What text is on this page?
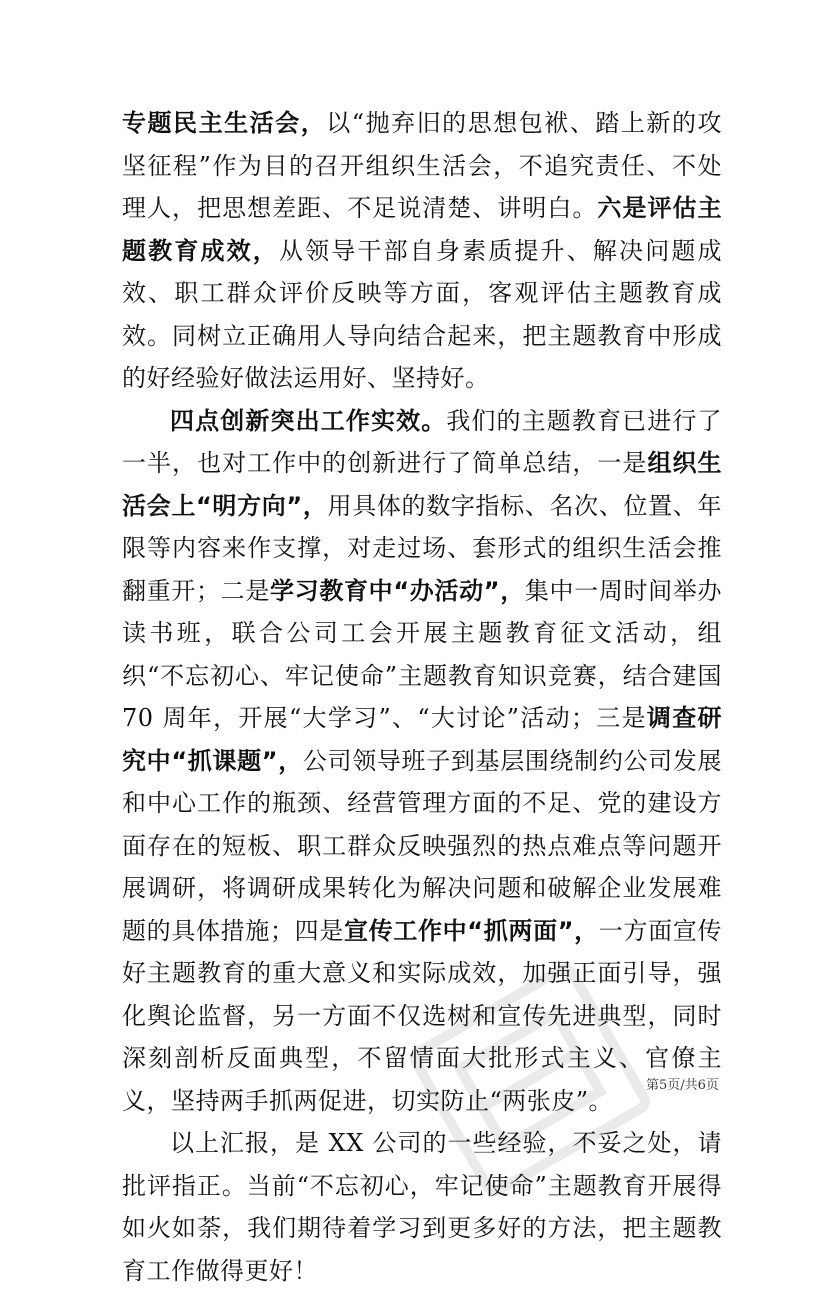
专题民主生活会，以“抛弃旧的思想包袱、踏上新的攻坚征程”作为目的召开组织生活会，不追究责任、不处理人，把思想差距、不足说清楚、讲明白。六是评估主题教育成效，从领导干部自身素质提升、解决问题成效、职工群众评价反映等方面，客观评估主题教育成效。同树立正确用人导向结合起来，把主题教育中形成的好经验好做法运用好、坚持好。

四点创新突出工作实效。我们的主题教育已进行了一半，也对工作中的创新进行了简单总结，一是组织生活会上“明方向”，用具体的数字指标、名次、位置、年限等内容来作支撑，对走过场、套形式的组织生活会推翻重开；二是学习教育中“办活动”，集中一周时间举办读书班，联合公司工会开展主题教育征文活动，组织“不忘初心、牢记使命”主题教育知识竞赛，结合建国 70 周年，开展“大学习”、“大讨论”活动；三是调查研究中“抓课题”，公司领导班子到基层围绕制约公司发展和中心工作的瓶颈、经营管理方面的不足、党的建设方面存在的短板、职工群众反映强烈的热点难点等问题开展调研，将调研成果转化为解决问题和破解企业发展难题的具体措施；四是宣传工作中“抓两面”，一方面宣传好主题教育的重大意义和实际成效，加强正面引导，强化舆论监督，另一方面不仅选树和宣传先进典型，同时深刻剖析反面典型，不留情面大批形式主义、官僚主义，坚持两手抓两促进，切实防止“两张皮”。

以上汇报，是 XX 公司的一些经验，不妥之处，请批评指正。当前“不忘初心，牢记使命”主题教育开展得如火如荼，我们期待着学习到更多好的方法，把主题教育工作做得更好！

第5页/共6页
